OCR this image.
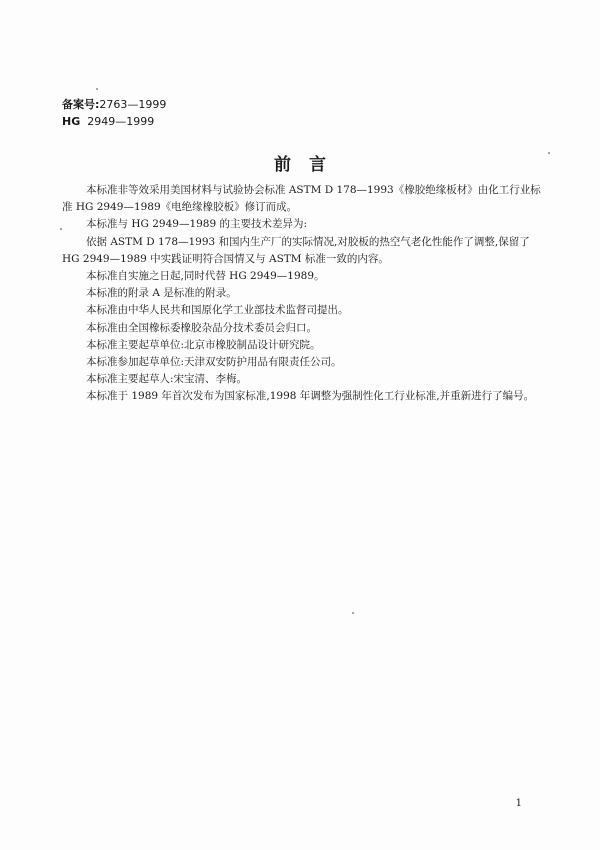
备案号:2763—1999
HG 2949—1999
前 言

本标准非等效采用美国材料与试验协会标准 ASTM D 178—1993《橡胶绝缘板材》由化工行业标

准 HG 2949—1989《电绝缘橡胶板》修订而成。

本标准与 HG 2949—1989 的主要技术差异为:

依据 ASTM D 178—1993 和国内生产厂的实际情况,对胶板的热空气老化性能作了调整,保留了

HG 2949—1989 中实践证明符合国情又与 ASTM 标准一致的内容。

本标准自实施之日起,同时代替 HG 2949—1989。

本标准的附录 A 是标准的附录。

本标准由中华人民共和国原化学工业部技术监督司提出。

本标准由全国橡标委橡胶杂品分技术委员会归口。

本标准主要起草单位:北京市橡胶制品设计研究院。

本标准参加起草单位:天津双安防护用品有限责任公司。

本标准主要起草人:宋宝清、李梅。

本标准于 1989 年首次发布为国家标准,1998 年调整为强制性化工行业标准,并重新进行了编号。

1
